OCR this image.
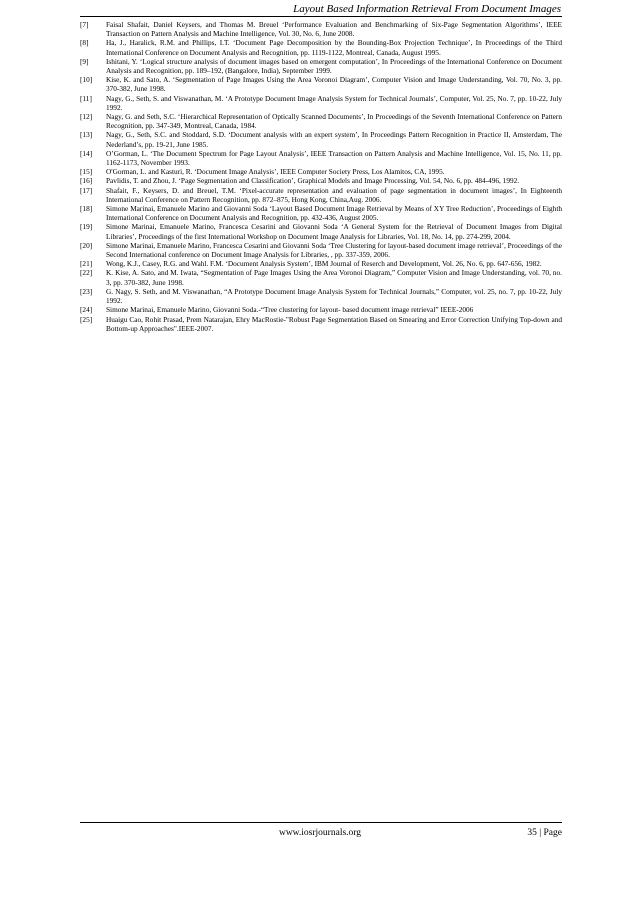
Layout Based Information Retrieval From Document Images
[7]	Faisal Shafait, Daniel Keysers, and Thomas M. Breuel ‘Performance Evaluation and Benchmarking of Six-Page Segmentation Algorithms’, IEEE Transaction on Pattern Analysis and Machine Intelligence, Vol. 30, No. 6, June 2008.
[8]	Ha, J., Haralick, R.M. and Phillips, I.T. ‘Document Page Decomposition by the Bounding-Box Projection Technique’, In Proceedings of the Third International Conference on Document Analysis and Recognition, pp. 1119-1122, Montreal, Canada, August 1995.
[9]	Ishitani, Y. ‘Logical structure analysis of document images based on emergent computation’, In Proceedings of the International Conference on Document Analysis and Recognition, pp. 189–192, (Bangalore, India), September 1999.
[10]	Kise, K. and Sato, A. ‘Segmentation of Page Images Using the Area Voronoi Diagram’, Computer Vision and Image Understanding, Vol. 70, No. 3, pp. 370-382, June 1998.
[11]	Nagy, G., Seth, S. and Viswanathan, M. ‘A Prototype Document Image Analysis System for Technical Journals’, Computer, Vol. 25, No. 7, pp. 10-22, July 1992.
[12]	Nagy, G. and Seth, S.C. ‘Hierarchical Representation of Optically Scanned Documents’, In Proceedings of the Seventh International Conference on Pattern Recognition, pp. 347-349, Montreal, Canada, 1984.
[13]	Nagy, G., Seth, S.C. and Stoddard, S.D. ‘Document analysis with an expert system’, In Proceedings Pattern Recognition in Practice II, Amsterdam, The Nederland’s, pp. 19-21, June 1985.
[14]	O’Gorman, L. ‘The Document Spectrum for Page Layout Analysis’, IEEE Transaction on Pattern Analysis and Machine Intelligence, Vol. 15, No. 11, pp. 1162-1173, November 1993.
[15]	O'Gorman, L. and Kasturi, R. ‘Document Image Analysis’, IEEE Computer Society Press, Los Alamitos, CA, 1995.
[16]	Pavlidis, T. and Zhou, J. ‘Page Segmentation and Classification’, Graphical Models and Image Processing, Vol. 54, No. 6, pp. 484-496, 1992.
[17]	Shafait, F., Keysers, D. and Breuel, T.M. ‘Pixel-accurate representation and evaluation of page segmentation in document images’, In Eighteenth International Conference on Pattern Recognition, pp. 872–875, Hong Kong, China,Aug. 2006.
[18]	Simone Marinai, Emanuele Marino and Giovanni Soda ‘Layout Based Document Image Retrieval by Means of XY Tree Reduction’, Proceedings of Eighth International Conference on Document Analysis and Recognition, pp. 432-436, August 2005.
[19]	Simone Marinai, Emanuele Marino, Francesca Cesarini and Giovanni Soda ‘A General System for the Retrieval of Document Images from Digital Libraries’, Proceedings of the first International Workshop on Document Image Analysis for Libraries, Vol. 18, No. 14, pp. 274-299, 2004.
[20]	Simone Marinai, Emanuele Marino, Francesca Cesarini and Giovanni Soda ‘Tree Clustering for layout-based document image retrieval’, Proceedings of the Second International conference on Document Image Analysis for Libraries, , pp. 337-359, 2006.
[21]	Wong, K.J., Casey, R.G. and Wahl. F.M. ‘Document Analysis System’, IBM Journal of Reserch and Development, Vol. 26, No. 6, pp. 647-656, 1982.
[22]	K. Kise, A. Sato, and M. Iwata, “Segmentation of Page Images Using the Area Voronoi Diagram,” Computer Vision and Image Understanding, vol. 70, no. 3, pp. 370-382, June 1998.
[23]	G. Nagy, S. Seth, and M. Viswanathan, “A Prototype Document Image Analysis System for Technical Journals,” Computer, vol. 25, no. 7, pp. 10-22, July 1992.
[24]	Simone Marinai, Emanuele Marino, Giovanni Soda.-“Tree clustering for layout- based document image retrieval” IEEE-2006
[25]	Huaigu Cao, Rohit Prasad, Prem Natarajan, Ehry MacRostie-"Robust Page Segmentation Based on Smearing and Error Correction Unifying Top-down and Bottom-up Approaches".IEEE-2007.
www.iosrjournals.org	35 | Page
